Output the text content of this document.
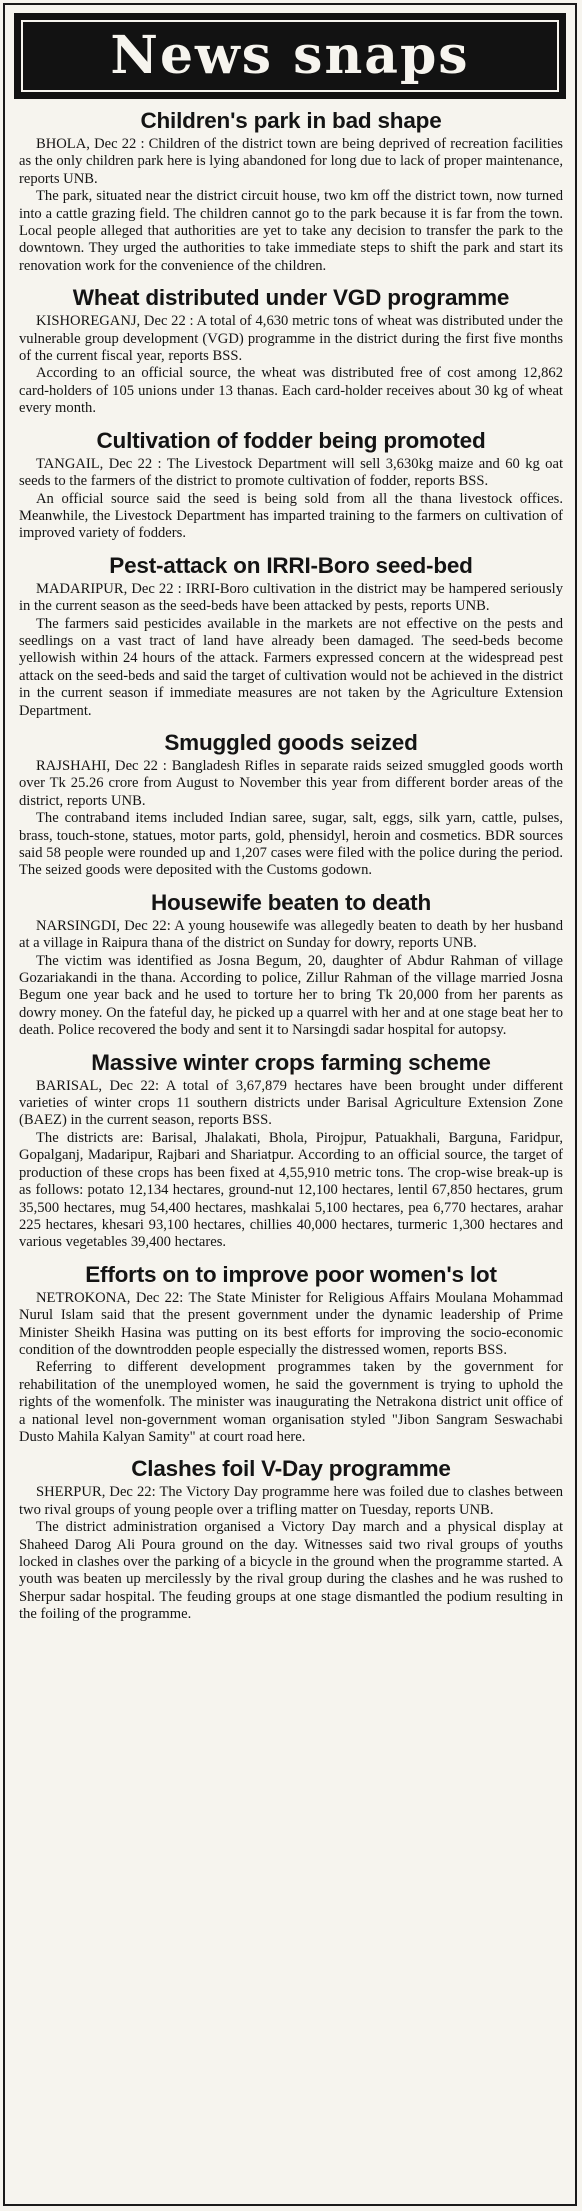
News snaps
Children's park in bad shape

BHOLA, Dec 22 : Children of the district town are being deprived of recreation facilities as the only children park here is lying abandoned for long due to lack of proper maintenance, reports UNB.

The park, situated near the district circuit house, two km off the district town, now turned into a cattle grazing field. The children cannot go to the park because it is far from the town. Local people alleged that authorities are yet to take any decision to transfer the park to the downtown. They urged the authorities to take immediate steps to shift the park and start its renovation work for the convenience of the children.

Wheat distributed under VGD programme

KISHOREGANJ, Dec 22 : A total of 4,630 metric tons of wheat was distributed under the vulnerable group development (VGD) programme in the district during the first five months of the current fiscal year, reports BSS.

According to an official source, the wheat was distributed free of cost among 12,862 card-holders of 105 unions under 13 thanas. Each card-holder receives about 30 kg of wheat every month.

Cultivation of fodder being promoted

TANGAIL, Dec 22 : The Livestock Department will sell 3,630kg maize and 60 kg oat seeds to the farmers of the district to promote cultivation of fodder, reports BSS.

An official source said the seed is being sold from all the thana livestock offices. Meanwhile, the Livestock Department has imparted training to the farmers on cultivation of improved variety of fodders.

Pest-attack on IRRI-Boro seed-bed

MADARIPUR, Dec 22 : IRRI-Boro cultivation in the district may be hampered seriously in the current season as the seed-beds have been attacked by pests, reports UNB.

The farmers said pesticides available in the markets are not effective on the pests and seedlings on a vast tract of land have already been damaged. The seed-beds become yellowish within 24 hours of the attack. Farmers expressed concern at the widespread pest attack on the seed-beds and said the target of cultivation would not be achieved in the district in the current season if immediate measures are not taken by the Agriculture Extension Department.

Smuggled goods seized

RAJSHAHI, Dec 22 : Bangladesh Rifles in separate raids seized smuggled goods worth over Tk 25.26 crore from August to November this year from different border areas of the district, reports UNB.

The contraband items included Indian saree, sugar, salt, eggs, silk yarn, cattle, pulses, brass, touch-stone, statues, motor parts, gold, phensidyl, heroin and cosmetics. BDR sources said 58 people were rounded up and 1,207 cases were filed with the police during the period. The seized goods were deposited with the Customs godown.

Housewife beaten to death

NARSINGDI, Dec 22: A young housewife was allegedly beaten to death by her husband at a village in Raipura thana of the district on Sunday for dowry, reports UNB.

The victim was identified as Josna Begum, 20, daughter of Abdur Rahman of village Gozariakandi in the thana. According to police, Zillur Rahman of the village married Josna Begum one year back and he used to torture her to bring Tk 20,000 from her parents as dowry money. On the fateful day, he picked up a quarrel with her and at one stage beat her to death. Police recovered the body and sent it to Narsingdi sadar hospital for autopsy.

Massive winter crops farming scheme

BARISAL, Dec 22: A total of 3,67,879 hectares have been brought under different varieties of winter crops 11 southern districts under Barisal Agriculture Extension Zone (BAEZ) in the current season, reports BSS.

The districts are: Barisal, Jhalakati, Bhola, Pirojpur, Patuakhali, Barguna, Faridpur, Gopalganj, Madaripur, Rajbari and Shariatpur. According to an official source, the target of production of these crops has been fixed at 4,55,910 metric tons. The crop-wise break-up is as follows: potato 12,134 hectares, ground-nut 12,100 hectares, lentil 67,850 hectares, grum 35,500 hectares, mug 54,400 hectares, mashkalai 5,100 hectares, pea 6,770 hectares, arahar 225 hectares, khesari 93,100 hectares, chillies 40,000 hectares, turmeric 1,300 hectares and various vegetables 39,400 hectares.

Efforts on to improve poor women's lot

NETROKONA, Dec 22: The State Minister for Religious Affairs Moulana Mohammad Nurul Islam said that the present government under the dynamic leadership of Prime Minister Sheikh Hasina was putting on its best efforts for improving the socio-economic condition of the downtrodden people especially the distressed women, reports BSS.

Referring to different development programmes taken by the government for rehabilitation of the unemployed women, he said the government is trying to uphold the rights of the womenfolk. The minister was inaugurating the Netrakona district unit office of a national level non-government woman organisation styled "Jibon Sangram Seswachabi Dusto Mahila Kalyan Samity" at court road here.

Clashes foil V-Day programme

SHERPUR, Dec 22: The Victory Day programme here was foiled due to clashes between two rival groups of young people over a trifling matter on Tuesday, reports UNB.

The district administration organised a Victory Day march and a physical display at Shaheed Darog Ali Poura ground on the day. Witnesses said two rival groups of youths locked in clashes over the parking of a bicycle in the ground when the programme started. A youth was beaten up mercilessly by the rival group during the clashes and he was rushed to Sherpur sadar hospital. The feuding groups at one stage dismantled the podium resulting in the foiling of the programme.
